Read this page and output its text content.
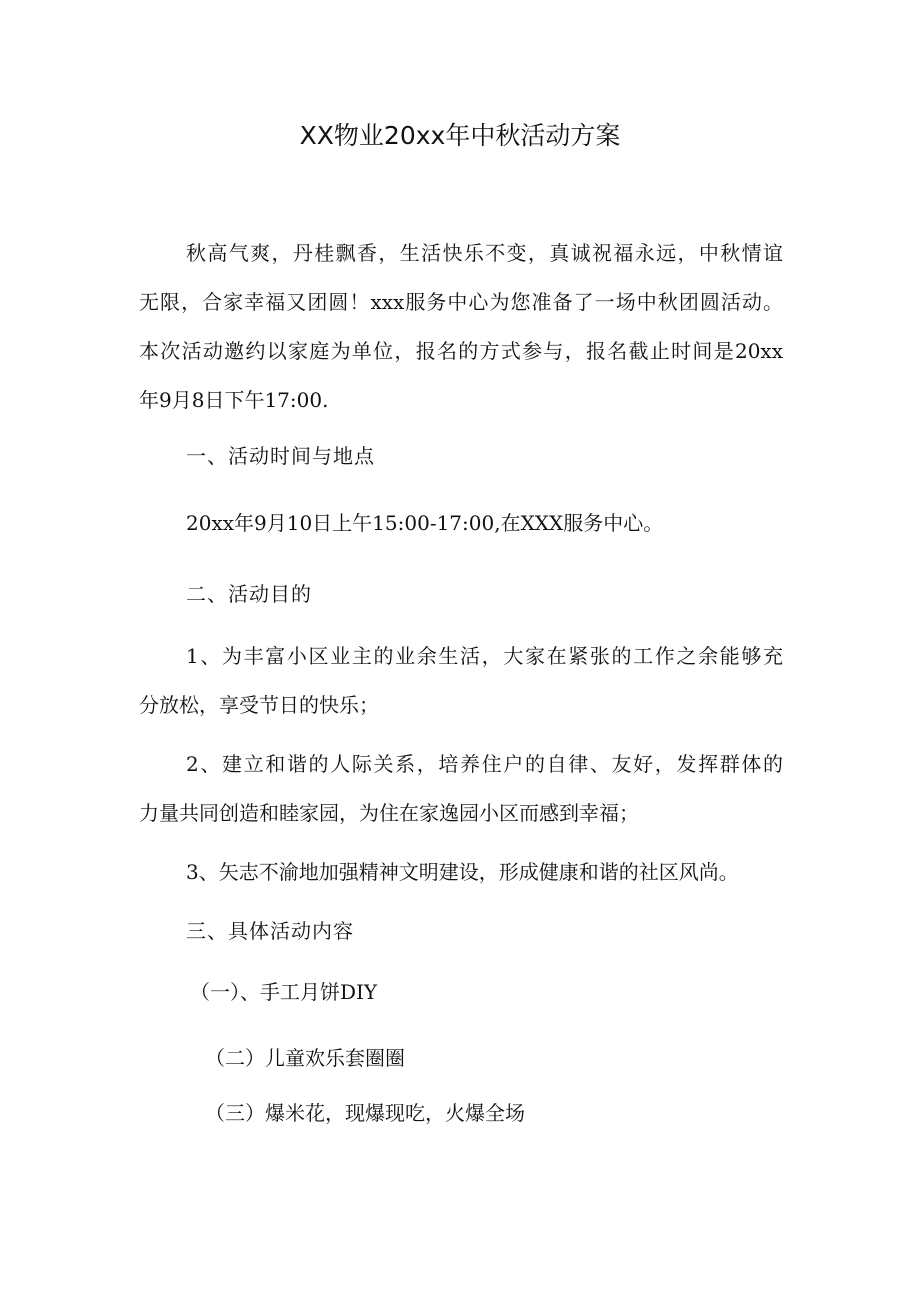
XX物业20xx年中秋活动方案
秋高气爽，丹桂飘香，生活快乐不变，真诚祝福永远，中秋情谊
无限，合家幸福又团圆！xxx服务中心为您准备了一场中秋团圆活动。
本次活动邀约以家庭为单位，报名的方式参与，报名截止时间是20xx
年9月8日下午17:00.
一、活动时间与地点
20xx年9月10日上午15:00-17:00,在XXX服务中心。
二、活动目的
1、为丰富小区业主的业余生活，大家在紧张的工作之余能够充
分放松，享受节日的快乐；
2、建立和谐的人际关系，培养住户的自律、友好，发挥群体的
力量共同创造和睦家园，为住在家逸园小区而感到幸福；
3、矢志不渝地加强精神文明建设，形成健康和谐的社区风尚。
三、具体活动内容
（一）、手工月饼DIY
（二）儿童欢乐套圈圈
（三）爆米花，现爆现吃，火爆全场
